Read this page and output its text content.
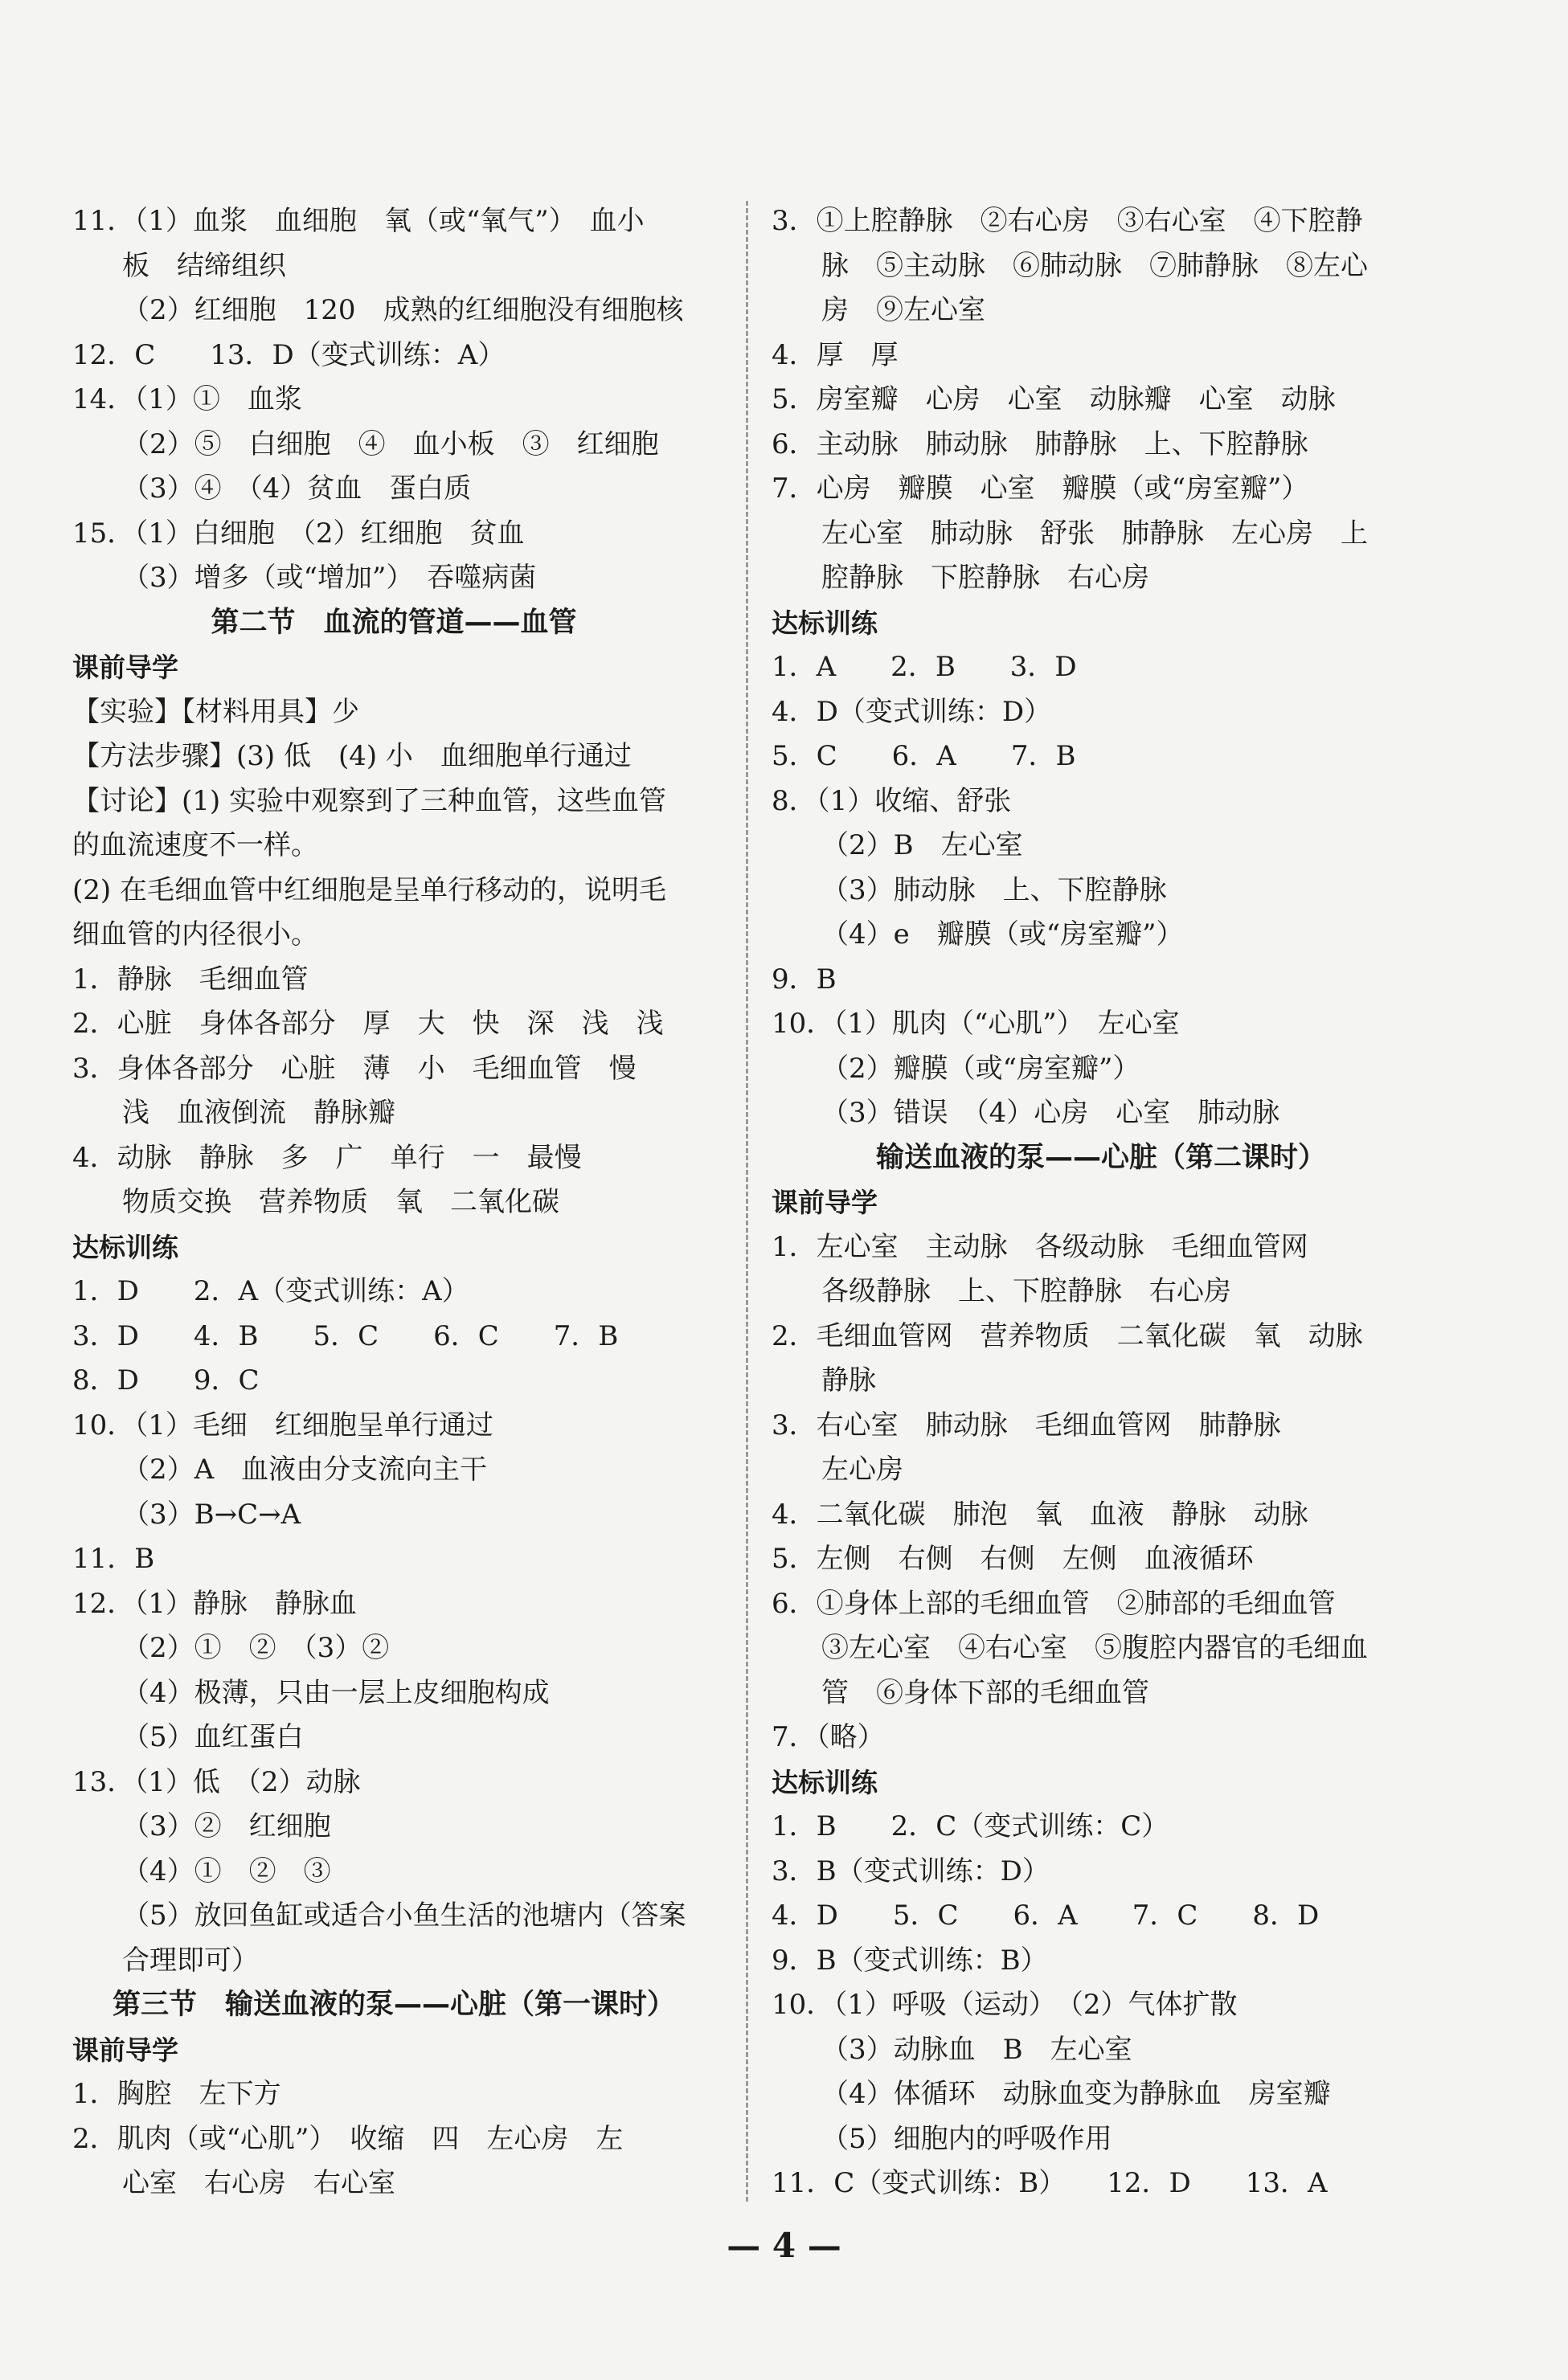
11．（1）血浆　血细胞　氧（或“氧气”）　血小
板　结缔组织
（2）红细胞　120　成熟的红细胞没有细胞核
12．C　　13．D（变式训练：A）
14．（1）①　血浆
（2）⑤　白细胞　④　血小板　③　红细胞
（3）④　（4）贫血　蛋白质
15．（1）白细胞　（2）红细胞　贫血
（3）增多（或“增加”）　吞噬病菌
第二节　血流的管道——血管
课前导学
【实验】【材料用具】少
【方法步骤】(3) 低　(4) 小　血细胞单行通过
【讨论】(1) 实验中观察到了三种血管，这些血管
的血流速度不一样。
(2) 在毛细血管中红细胞是呈单行移动的，说明毛
细血管的内径很小。
1．静脉　毛细血管
2．心脏　身体各部分　厚　大　快　深　浅　浅
3．身体各部分　心脏　薄　小　毛细血管　慢
浅　血液倒流　静脉瓣
4．动脉　静脉　多　广　单行　一　最慢
物质交换　营养物质　氧　二氧化碳
达标训练
1．D　　2．A（变式训练：A）
3．D　　4．B　　5．C　　6．C　　7．B
8．D　　9．C
10．（1）毛细　红细胞呈单行通过
（2）A　血液由分支流向主干
（3）B→C→A
11．B
12．（1）静脉　静脉血
（2）①　②　（3）②
（4）极薄，只由一层上皮细胞构成
（5）血红蛋白
13．（1）低　（2）动脉
（3）②　红细胞
（4）①　②　③
（5）放回鱼缸或适合小鱼生活的池塘内（答案
合理即可）
第三节　输送血液的泵——心脏（第一课时）
课前导学
1．胸腔　左下方
2．肌肉（或“心肌”）　收缩　四　左心房　左
心室　右心房　右心室
3．①上腔静脉　②右心房　③右心室　④下腔静
脉　⑤主动脉　⑥肺动脉　⑦肺静脉　⑧左心
房　⑨左心室
4．厚　厚
5．房室瓣　心房　心室　动脉瓣　心室　动脉
6．主动脉　肺动脉　肺静脉　上、下腔静脉
7．心房　瓣膜　心室　瓣膜（或“房室瓣”）
左心室　肺动脉　舒张　肺静脉　左心房　上
腔静脉　下腔静脉　右心房
达标训练
1．A　　2．B　　3．D
4．D（变式训练：D）
5．C　　6．A　　7．B
8．（1）收缩、舒张
（2）B　左心室
（3）肺动脉　上、下腔静脉
（4）e　瓣膜（或“房室瓣”）
9．B
10．（1）肌肉（“心肌”）　左心室
（2）瓣膜（或“房室瓣”）
（3）错误　（4）心房　心室　肺动脉
输送血液的泵——心脏（第二课时）
课前导学
1．左心室　主动脉　各级动脉　毛细血管网
各级静脉　上、下腔静脉　右心房
2．毛细血管网　营养物质　二氧化碳　氧　动脉
静脉
3．右心室　肺动脉　毛细血管网　肺静脉
左心房
4．二氧化碳　肺泡　氧　血液　静脉　动脉
5．左侧　右侧　右侧　左侧　血液循环
6．①身体上部的毛细血管　②肺部的毛细血管
③左心室　④右心室　⑤腹腔内器官的毛细血
管　⑥身体下部的毛细血管
7．（略）
达标训练
1．B　　2．C（变式训练：C）
3．B（变式训练：D）
4．D　　5．C　　6．A　　7．C　　8．D
9．B（变式训练：B）
10．（1）呼吸（运动）　（2）气体扩散
（3）动脉血　B　左心室
（4）体循环　动脉血变为静脉血　房室瓣
（5）细胞内的呼吸作用
11．C（变式训练：B）　　12．D　　13．A
— 4 —
